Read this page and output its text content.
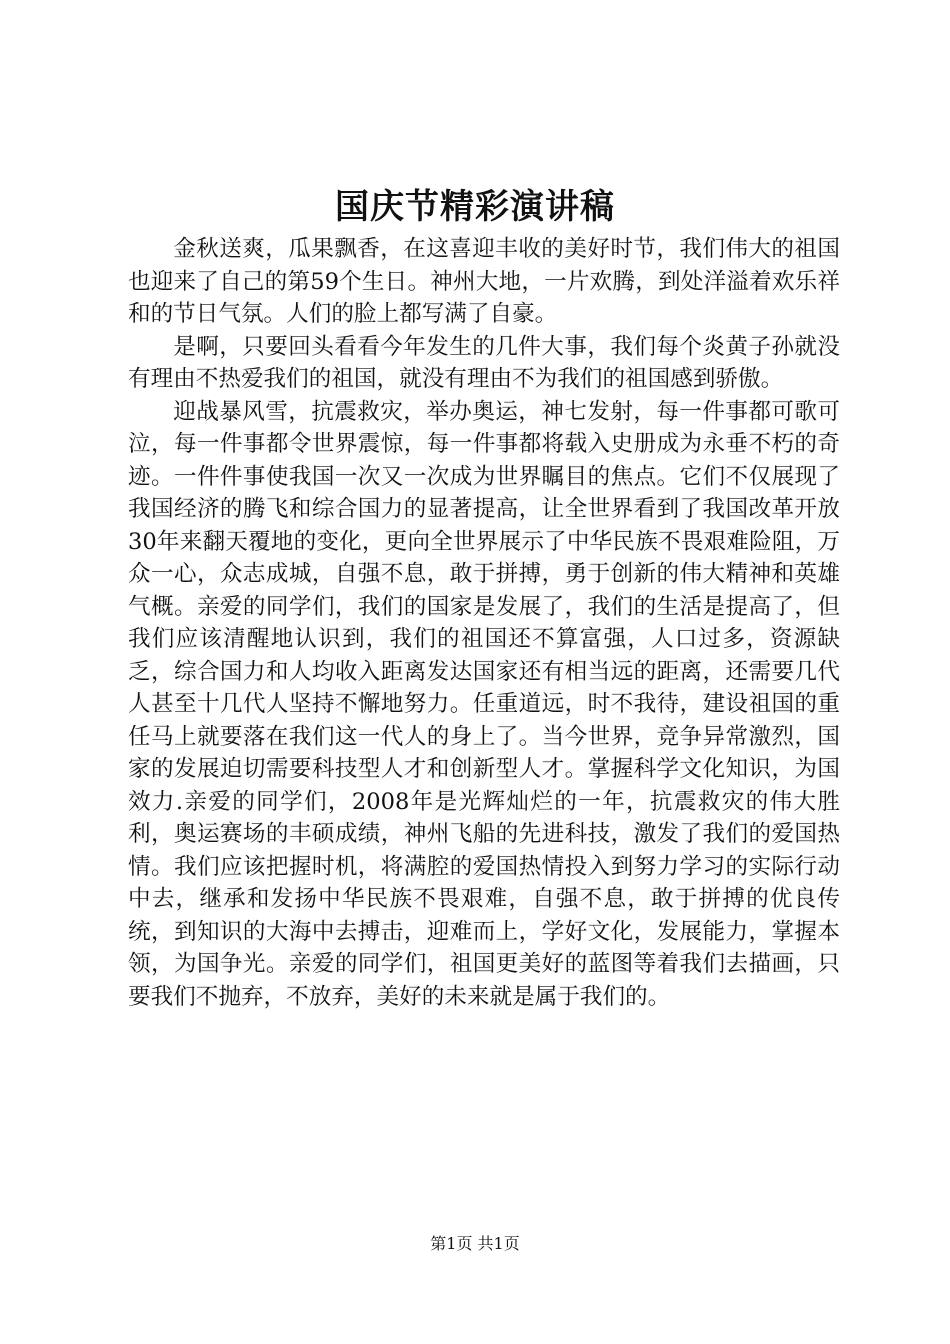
国庆节精彩演讲稿

金秋送爽，瓜果飘香，在这喜迎丰收的美好时节，我们伟大的祖国也迎来了自己的第59个生日。神州大地，一片欢腾，到处洋溢着欢乐祥和的节日气氛。人们的脸上都写满了自豪。

是啊，只要回头看看今年发生的几件大事，我们每个炎黄子孙就没有理由不热爱我们的祖国，就没有理由不为我们的祖国感到骄傲。

迎战暴风雪，抗震救灾，举办奥运，神七发射，每一件事都可歌可泣，每一件事都令世界震惊，每一件事都将载入史册成为永垂不朽的奇迹。一件件事使我国一次又一次成为世界瞩目的焦点。它们不仅展现了我国经济的腾飞和综合国力的显著提高，让全世界看到了我国改革开放30年来翻天覆地的变化，更向全世界展示了中华民族不畏艰难险阻，万众一心，众志成城，自强不息，敢于拼搏，勇于创新的伟大精神和英雄气概。亲爱的同学们，我们的国家是发展了，我们的生活是提高了，但我们应该清醒地认识到，我们的祖国还不算富强，人口过多，资源缺乏，综合国力和人均收入距离发达国家还有相当远的距离，还需要几代人甚至十几代人坚持不懈地努力。任重道远，时不我待，建设祖国的重任马上就要落在我们这一代人的身上了。当今世界，竞争异常激烈，国家的发展迫切需要科技型人才和创新型人才。掌握科学文化知识，为国效力.亲爱的同学们，2008年是光辉灿烂的一年，抗震救灾的伟大胜利，奥运赛场的丰硕成绩，神州飞船的先进科技，激发了我们的爱国热情。我们应该把握时机，将满腔的爱国热情投入到努力学习的实际行动中去，继承和发扬中华民族不畏艰难，自强不息，敢于拼搏的优良传统，到知识的大海中去搏击，迎难而上，学好文化，发展能力，掌握本领，为国争光。亲爱的同学们，祖国更美好的蓝图等着我们去描画，只要我们不抛弃，不放弃，美好的未来就是属于我们的。

第1页 共1页
